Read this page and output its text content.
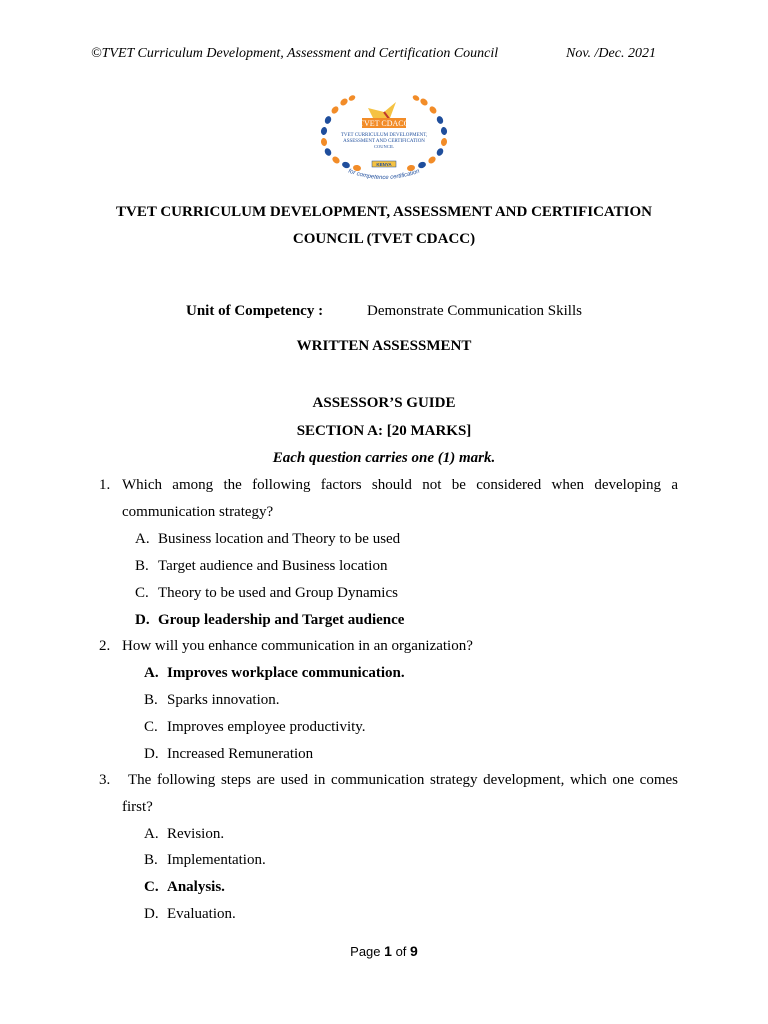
©TVET Curriculum Development, Assessment and Certification Council	Nov. /Dec. 2021
TVET CDACC
TVET CURRICULUM DEVELOPMENT,
ASSESSMENT AND CERTIFICATION
COUNCIL
KENYA
for competence certification
TVET CURRICULUM DEVELOPMENT, ASSESSMENT AND CERTIFICATION
COUNCIL (TVET CDACC)
Unit of Competency :	Demonstrate Communication Skills
WRITTEN ASSESSMENT
ASSESSOR’S GUIDE
SECTION A: [20 MARKS]
Each question carries one (1) mark.
1. Which among the following factors should not be considered when developing a
communication strategy?
A. Business location and Theory to be used
B. Target audience and Business location
C. Theory to be used and Group Dynamics
D. Group leadership and Target audience
2. How will you enhance communication in an organization?
A. Improves workplace communication.
B. Sparks innovation.
C. Improves employee productivity.
D. Increased Remuneration
3. The following steps are used in communication strategy development, which one comes
first?
A. Revision.
B. Implementation.
C. Analysis.
D. Evaluation.
Page 1 of 9
